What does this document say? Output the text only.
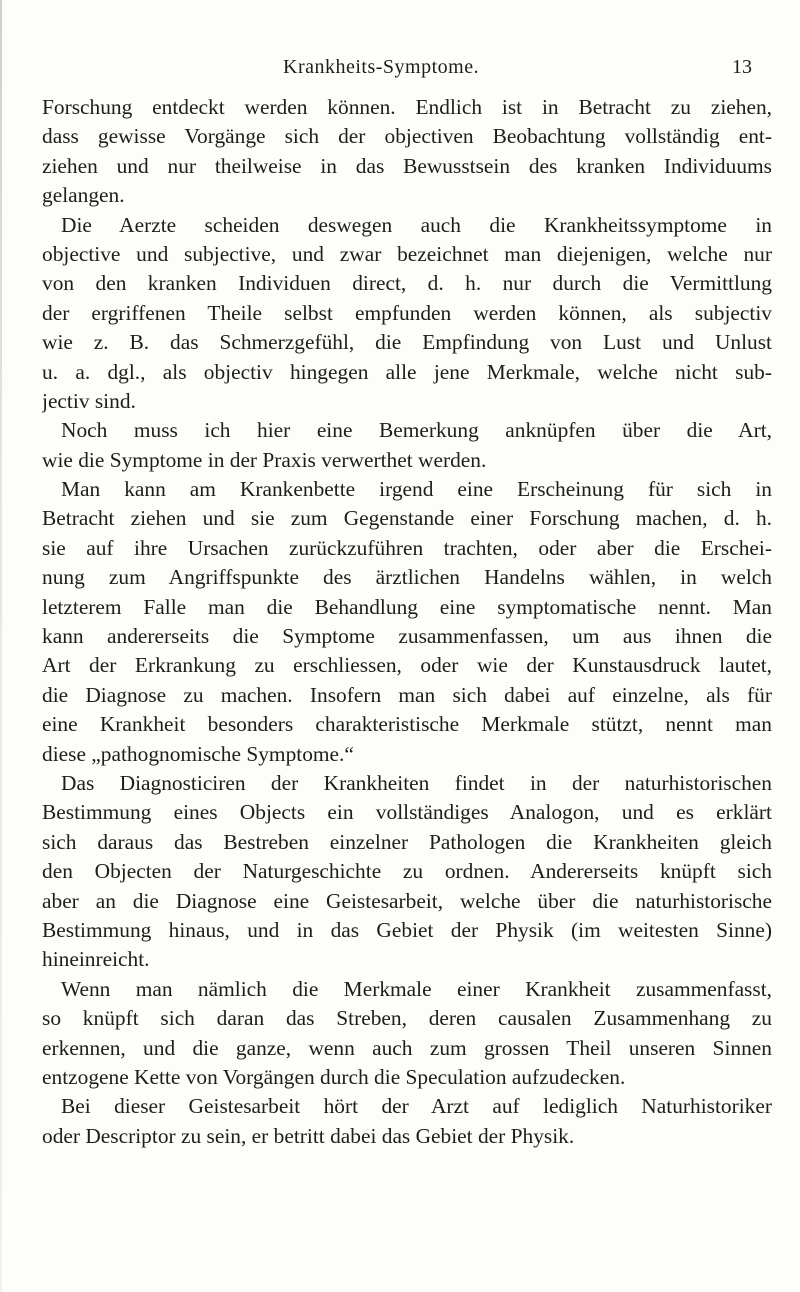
Krankheits-Symptome.	13
Forschung entdeckt werden können. Endlich ist in Betracht zu ziehen,
dass gewisse Vorgänge sich der objectiven Beobachtung vollständig ent-
ziehen und nur theilweise in das Bewusstsein des kranken Individuums
gelangen.
Die Aerzte scheiden deswegen auch die Krankheitssymptome in
objective und subjective, und zwar bezeichnet man diejenigen, welche nur
von den kranken Individuen direct, d. h. nur durch die Vermittlung
der ergriffenen Theile selbst empfunden werden können, als subjectiv
wie z. B. das Schmerzgefühl, die Empfindung von Lust und Unlust
u. a. dgl., als objectiv hingegen alle jene Merkmale, welche nicht sub-
jectiv sind.
Noch muss ich hier eine Bemerkung anknüpfen über die Art,
wie die Symptome in der Praxis verwerthet werden.
Man kann am Krankenbette irgend eine Erscheinung für sich in
Betracht ziehen und sie zum Gegenstande einer Forschung machen, d. h.
sie auf ihre Ursachen zurückzuführen trachten, oder aber die Erschei-
nung zum Angriffspunkte des ärztlichen Handelns wählen, in welch
letzterem Falle man die Behandlung eine symptomatische nennt. Man
kann andererseits die Symptome zusammenfassen, um aus ihnen die
Art der Erkrankung zu erschliessen, oder wie der Kunstausdruck lautet,
die Diagnose zu machen. Insofern man sich dabei auf einzelne, als für
eine Krankheit besonders charakteristische Merkmale stützt, nennt man
diese „pathognomische Symptome.“
Das Diagnosticiren der Krankheiten findet in der naturhistorischen
Bestimmung eines Objects ein vollständiges Analogon, und es erklärt
sich daraus das Bestreben einzelner Pathologen die Krankheiten gleich
den Objecten der Naturgeschichte zu ordnen. Andererseits knüpft sich
aber an die Diagnose eine Geistesarbeit, welche über die naturhistorische
Bestimmung hinaus, und in das Gebiet der Physik (im weitesten Sinne)
hineinreicht.
Wenn man nämlich die Merkmale einer Krankheit zusammenfasst,
so knüpft sich daran das Streben, deren causalen Zusammenhang zu
erkennen, und die ganze, wenn auch zum grossen Theil unseren Sinnen
entzogene Kette von Vorgängen durch die Speculation aufzudecken.
Bei dieser Geistesarbeit hört der Arzt auf lediglich Naturhistoriker
oder Descriptor zu sein, er betritt dabei das Gebiet der Physik.
